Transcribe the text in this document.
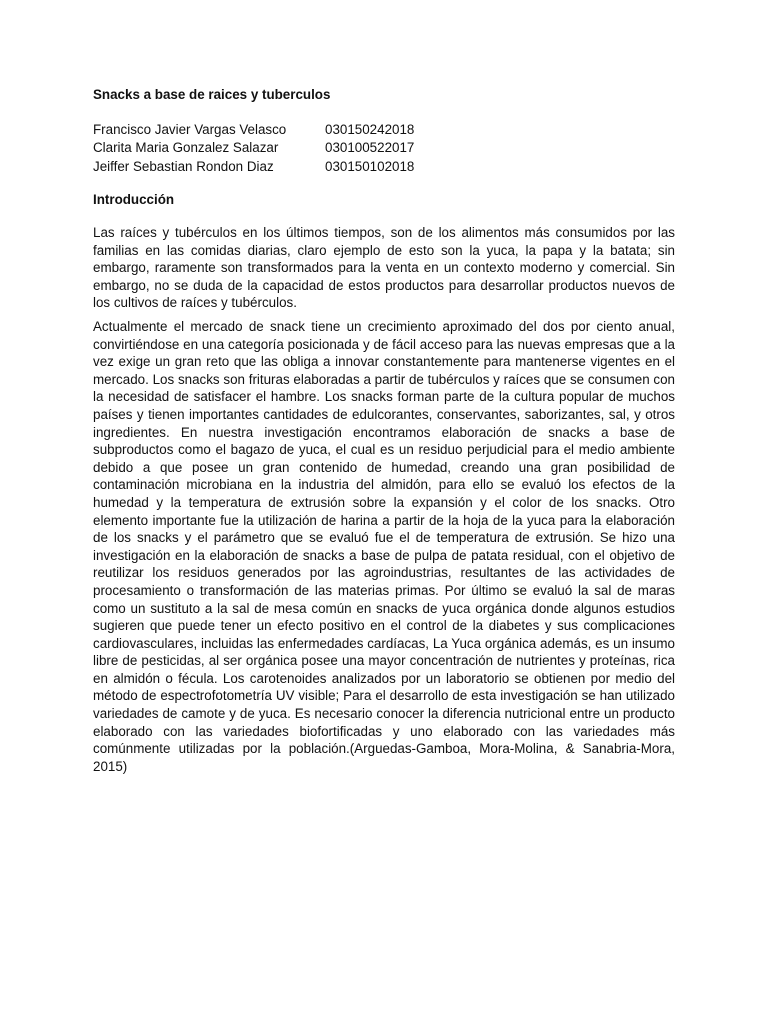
Snacks a base de raices y tuberculos
Francisco Javier Vargas Velasco	030150242018
Clarita Maria Gonzalez Salazar	030100522017
Jeiffer Sebastian Rondon Diaz	030150102018
Introducción

Las raíces y tubérculos en los últimos tiempos, son de los alimentos más consumidos por las familias en las comidas diarias, claro ejemplo de esto son la yuca, la papa y la batata; sin embargo, raramente son transformados para la venta en un contexto moderno y comercial. Sin embargo, no se duda de la capacidad de estos productos para desarrollar productos nuevos de los cultivos de raíces y tubérculos.

Actualmente el mercado de snack tiene un crecimiento aproximado del dos por ciento anual, convirtiéndose en una categoría posicionada y de fácil acceso para las nuevas empresas que a la vez exige un gran reto que las obliga a innovar constantemente para mantenerse vigentes en el mercado. Los snacks son frituras elaboradas a partir de tubérculos y raíces que se consumen con la necesidad de satisfacer el hambre. Los snacks forman parte de la cultura popular de muchos países y tienen importantes cantidades de edulcorantes, conservantes, saborizantes, sal, y otros ingredientes. En nuestra investigación encontramos elaboración de snacks a base de subproductos como el bagazo de yuca, el cual es un residuo perjudicial para el medio ambiente debido a que posee un gran contenido de humedad, creando una gran posibilidad de contaminación microbiana en la industria del almidón, para ello se evaluó los efectos de la humedad y la temperatura de extrusión sobre la expansión y el color de los snacks. Otro elemento importante fue la utilización de harina a partir de la hoja de la yuca para la elaboración de los snacks y el parámetro que se evaluó fue el de temperatura de extrusión. Se hizo una investigación en la elaboración de snacks a base de pulpa de patata residual, con el objetivo de reutilizar los residuos generados por las agroindustrias, resultantes de las actividades de procesamiento o transformación de las materias primas. Por último se evaluó la sal de maras como un sustituto a la sal de mesa común en snacks de yuca orgánica donde algunos estudios sugieren que puede tener un efecto positivo en el control de la diabetes y sus complicaciones cardiovasculares, incluidas las enfermedades cardíacas, La Yuca orgánica además, es un insumo libre de pesticidas, al ser orgánica posee una mayor concentración de nutrientes y proteínas, rica en almidón o fécula. Los carotenoides analizados por un laboratorio se obtienen por medio del método de espectrofotometría UV visible; Para el desarrollo de esta investigación se han utilizado variedades de camote y de yuca. Es necesario conocer la diferencia nutricional entre un producto elaborado con las variedades biofortificadas y uno elaborado con las variedades más comúnmente utilizadas por la población.(Arguedas-Gamboa, Mora-Molina, & Sanabria-Mora, 2015)
